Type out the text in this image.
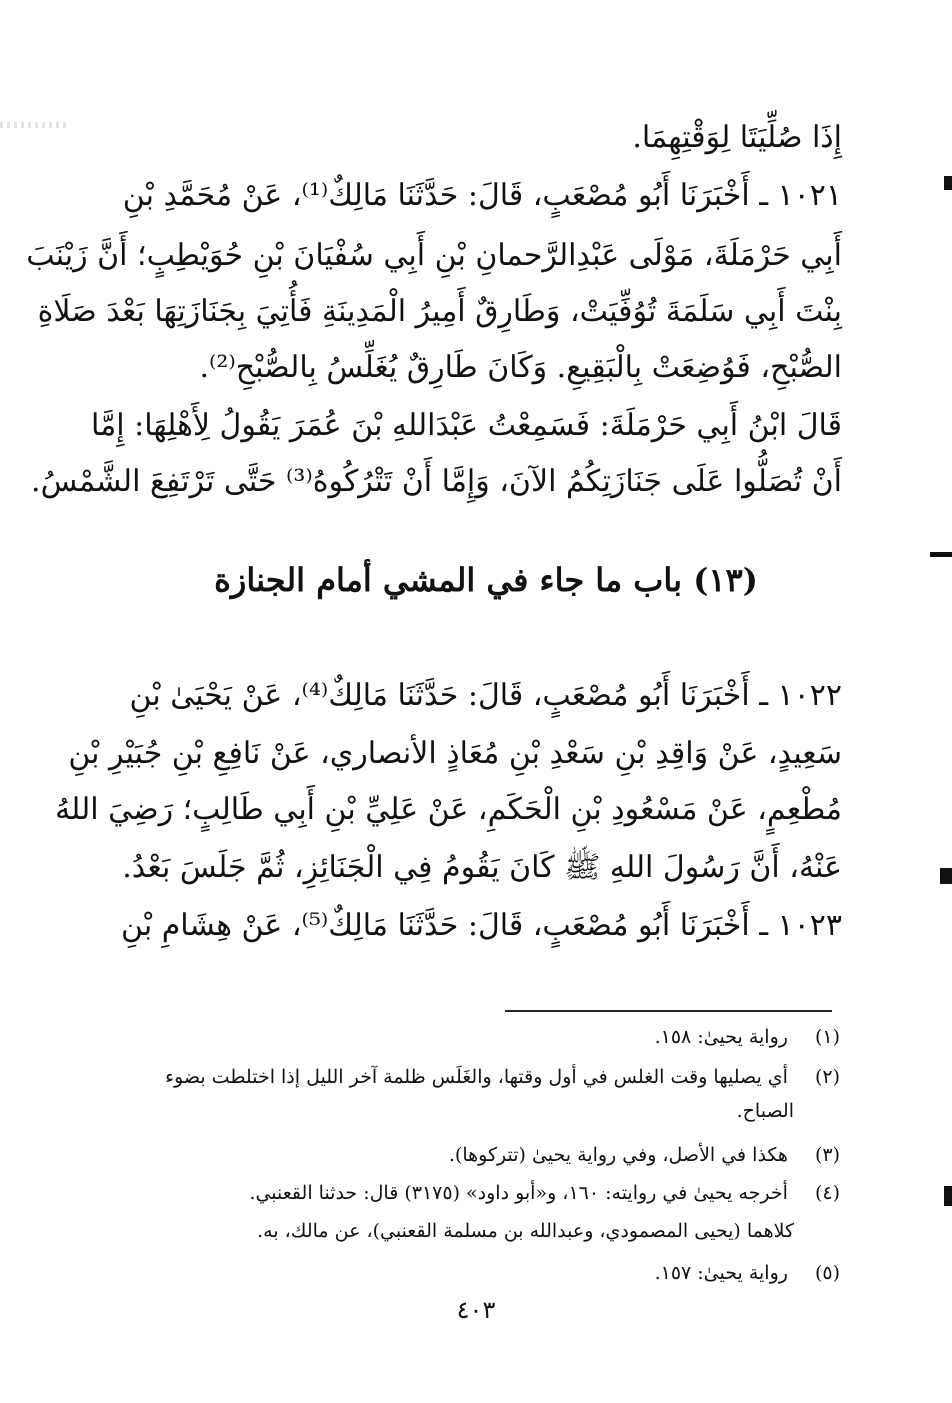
إِذَا صُلِّيَتَا لِوَقْتِهِمَا.
١٠٢١ ـ أَخْبَرَنَا أَبُو مُصْعَبٍ، قَالَ: حَدَّثَنَا مَالِكٌ⁽¹⁾، عَنْ مُحَمَّدِ بْنِ
أَبِي حَرْمَلَةَ، مَوْلَى عَبْدِالرَّحمانِ بْنِ أَبِي سُفْيَانَ بْنِ حُوَيْطِبٍ؛ أَنَّ زَيْنَبَ
بِنْتَ أَبِي سَلَمَةَ تُوُفِّيَتْ، وَطَارِقٌ أَمِيرُ الْمَدِينَةِ فَأُتِيَ بِجَنَازَتِهَا بَعْدَ صَلَاةِ
الصُّبْحِ، فَوُضِعَتْ بِالْبَقِيعِ. وَكَانَ طَارِقٌ يُغَلِّسُ بِالصُّبْحِ⁽²⁾.
قَالَ ابْنُ أَبِي حَرْمَلَةَ: فَسَمِعْتُ عَبْدَاللهِ بْنَ عُمَرَ يَقُولُ لِأَهْلِهَا: إِمَّا
أَنْ تُصَلُّوا عَلَى جَنَازَتِكُمُ الآنَ، وَإِمَّا أَنْ تَتْرُكُوهُ⁽³⁾ حَتَّى تَرْتَفِعَ الشَّمْسُ.
(١٣) باب ما جاء في المشي أمام الجنازة
١٠٢٢ ـ أَخْبَرَنَا أَبُو مُصْعَبٍ، قَالَ: حَدَّثَنَا مَالِكٌ⁽⁴⁾، عَنْ يَحْيَىٰ بْنِ
سَعِيدٍ، عَنْ وَاقِدِ بْنِ سَعْدِ بْنِ مُعَاذٍ الأنصاري، عَنْ نَافِعِ بْنِ جُبَيْرِ بْنِ
مُطْعِمٍ، عَنْ مَسْعُودِ بْنِ الْحَكَمِ، عَنْ عَلِيِّ بْنِ أَبِي طَالِبٍ؛ رَضِيَ اللهُ
عَنْهُ، أَنَّ رَسُولَ اللهِ ﷺ كَانَ يَقُومُ فِي الْجَنَائِزِ، ثُمَّ جَلَسَ بَعْدُ.
١٠٢٣ ـ أَخْبَرَنَا أَبُو مُصْعَبٍ، قَالَ: حَدَّثَنَا مَالِكٌ⁽⁵⁾، عَنْ هِشَامِ بْنِ
(١) رواية يحيىٰ: ١٥٨.
(٢) أي يصليها وقت الغلس في أول وقتها، والغَلَس ظلمة آخر الليل إذا اختلطت بضوء
الصباح.
(٣) هكذا في الأصل، وفي رواية يحيىٰ (تتركوها).
(٤) أخرجه يحيىٰ في روايته: ١٦٠، و«أبو داود» (٣١٧٥) قال: حدثنا القعنبي.
كلاهما (يحيى المصمودي، وعبدالله بن مسلمة القعنبي)، عن مالك، به.
(٥) رواية يحيىٰ: ١٥٧.
٤٠٣
